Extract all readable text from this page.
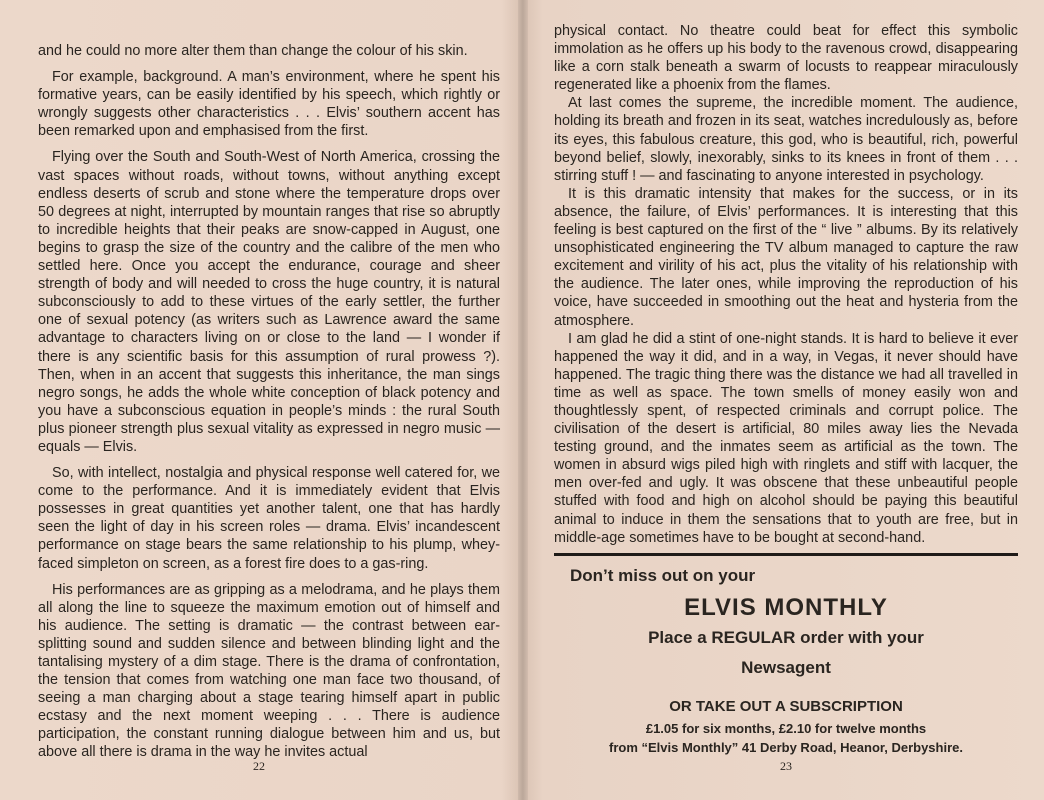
and he could no more alter them than change the colour of his skin.

For example, background. A man’s environment, where he spent his formative years, can be easily identified by his speech, which rightly or wrongly suggests other characteristics . . . Elvis’ southern accent has been remarked upon and emphasised from the first.

Flying over the South and South-West of North America, crossing the vast spaces without roads, without towns, without anything except endless deserts of scrub and stone where the temperature drops over 50 degrees at night, interrupted by mountain ranges that rise so abruptly to incredible heights that their peaks are snow-capped in August, one begins to grasp the size of the country and the calibre of the men who settled here. Once you accept the endurance, courage and sheer strength of body and will needed to cross the huge country, it is natural subconsciously to add to these virtues of the early settler, the further one of sexual potency (as writers such as Lawrence award the same advantage to characters living on or close to the land — I wonder if there is any scientific basis for this assumption of rural prowess ?). Then, when in an accent that suggests this inheritance, the man sings negro songs, he adds the whole white conception of black potency and you have a subconscious equation in people’s minds : the rural South plus pioneer strength plus sexual vitality as expressed in negro music — equals — Elvis.

So, with intellect, nostalgia and physical response well catered for, we come to the performance. And it is immediately evident that Elvis possesses in great quantities yet another talent, one that has hardly seen the light of day in his screen roles — drama. Elvis’ incandescent performance on stage bears the same relationship to his plump, whey-faced simpleton on screen, as a forest fire does to a gas-ring.

His performances are as gripping as a melodrama, and he plays them all along the line to squeeze the maximum emotion out of himself and his audience. The setting is dramatic — the contrast between ear-splitting sound and sudden silence and between blinding light and the tantalising mystery of a dim stage. There is the drama of confrontation, the tension that comes from watching one man face two thousand, of seeing a man charging about a stage tearing himself apart in public ecstasy and the next moment weeping . . . There is audience participation, the constant running dialogue between him and us, but above all there is drama in the way he invites actual

22

physical contact. No theatre could beat for effect this symbolic immolation as he offers up his body to the ravenous crowd, disappearing like a corn stalk beneath a swarm of locusts to reappear miraculously regenerated like a phoenix from the flames.

At last comes the supreme, the incredible moment. The audience, holding its breath and frozen in its seat, watches incredulously as, before its eyes, this fabulous creature, this god, who is beautiful, rich, powerful beyond belief, slowly, inexorably, sinks to its knees in front of them . . . stirring stuff ! — and fascinating to anyone interested in psychology.

It is this dramatic intensity that makes for the success, or in its absence, the failure, of Elvis’ performances. It is interesting that this feeling is best captured on the first of the “ live ” albums. By its relatively unsophisticated engineering the TV album managed to capture the raw excitement and virility of his act, plus the vitality of his relationship with the audience. The later ones, while improving the reproduction of his voice, have succeeded in smoothing out the heat and hysteria from the atmosphere.

I am glad he did a stint of one-night stands. It is hard to believe it ever happened the way it did, and in a way, in Vegas, it never should have happened. The tragic thing there was the distance we had all travelled in time as well as space. The town smells of money easily won and thoughtlessly spent, of respected criminals and corrupt police. The civilisation of the desert is artificial, 80 miles away lies the Nevada testing ground, and the inmates seem as artificial as the town. The women in absurd wigs piled high with ringlets and stiff with lacquer, the men over-fed and ugly. It was obscene that these unbeautiful people stuffed with food and high on alcohol should be paying this beautiful animal to induce in them the sensations that to youth are free, but in middle-age sometimes have to be bought at second-hand.

Don’t miss out on your
ELVIS MONTHLY
Place a REGULAR order with your
Newsagent
OR TAKE OUT A SUBSCRIPTION
£1.05 for six months, £2.10 for twelve months
from “Elvis Monthly” 41 Derby Road, Heanor, Derbyshire.
23
